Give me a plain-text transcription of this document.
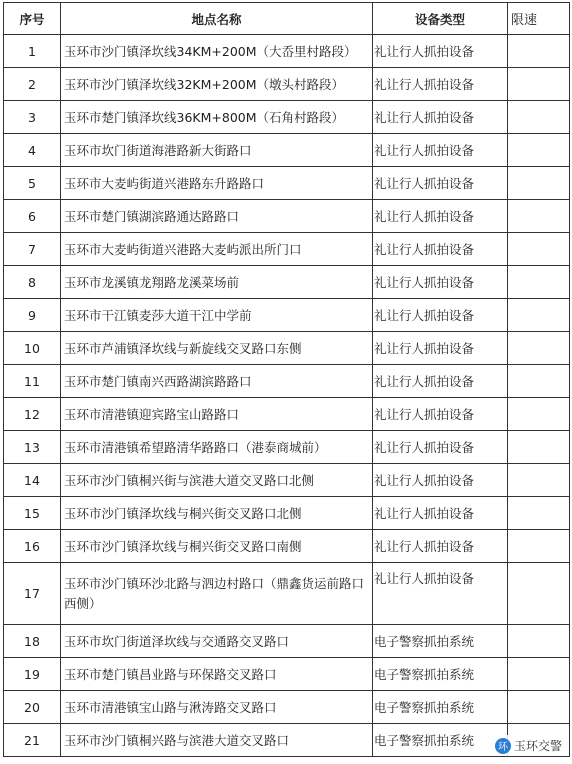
序号	地点名称	设备类型	限速
1	玉环市沙门镇泽坎线34KM+200M（大岙里村路段）	礼让行人抓拍设备	
2	玉环市沙门镇泽坎线32KM+200M（墩头村路段）	礼让行人抓拍设备	
3	玉环市楚门镇泽坎线36KM+800M（石角村路段）	礼让行人抓拍设备	
4	玉环市坎门街道海港路新大街路口	礼让行人抓拍设备	
5	玉环市大麦屿街道兴港路东升路路口	礼让行人抓拍设备	
6	玉环市楚门镇湖滨路通达路路口	礼让行人抓拍设备	
7	玉环市大麦屿街道兴港路大麦屿派出所门口	礼让行人抓拍设备	
8	玉环市龙溪镇龙翔路龙溪菜场前	礼让行人抓拍设备	
9	玉环市干江镇麦莎大道干江中学前	礼让行人抓拍设备	
10	玉环市芦浦镇泽坎线与新旋线交叉路口东侧	礼让行人抓拍设备	
11	玉环市楚门镇南兴西路湖滨路路口	礼让行人抓拍设备	
12	玉环市清港镇迎宾路宝山路路口	礼让行人抓拍设备	
13	玉环市清港镇希望路清华路路口（港泰商城前）	礼让行人抓拍设备	
14	玉环市沙门镇桐兴街与滨港大道交叉路口北侧	礼让行人抓拍设备	
15	玉环市沙门镇泽坎线与桐兴街交叉路口北侧	礼让行人抓拍设备	
16	玉环市沙门镇泽坎线与桐兴街交叉路口南侧	礼让行人抓拍设备	
17	玉环市沙门镇环沙北路与泗边村路口（鼎鑫货运前路口西侧）	礼让行人抓拍设备	
18	玉环市坎门街道泽坎线与交通路交叉路口	电子警察抓拍系统	
19	玉环市楚门镇昌业路与环保路交叉路口	电子警察抓拍系统	
20	玉环市清港镇宝山路与湫涛路交叉路口	电子警察抓拍系统	
21	玉环市沙门镇桐兴路与滨港大道交叉路口	电子警察抓拍系统		环 玉环交警
